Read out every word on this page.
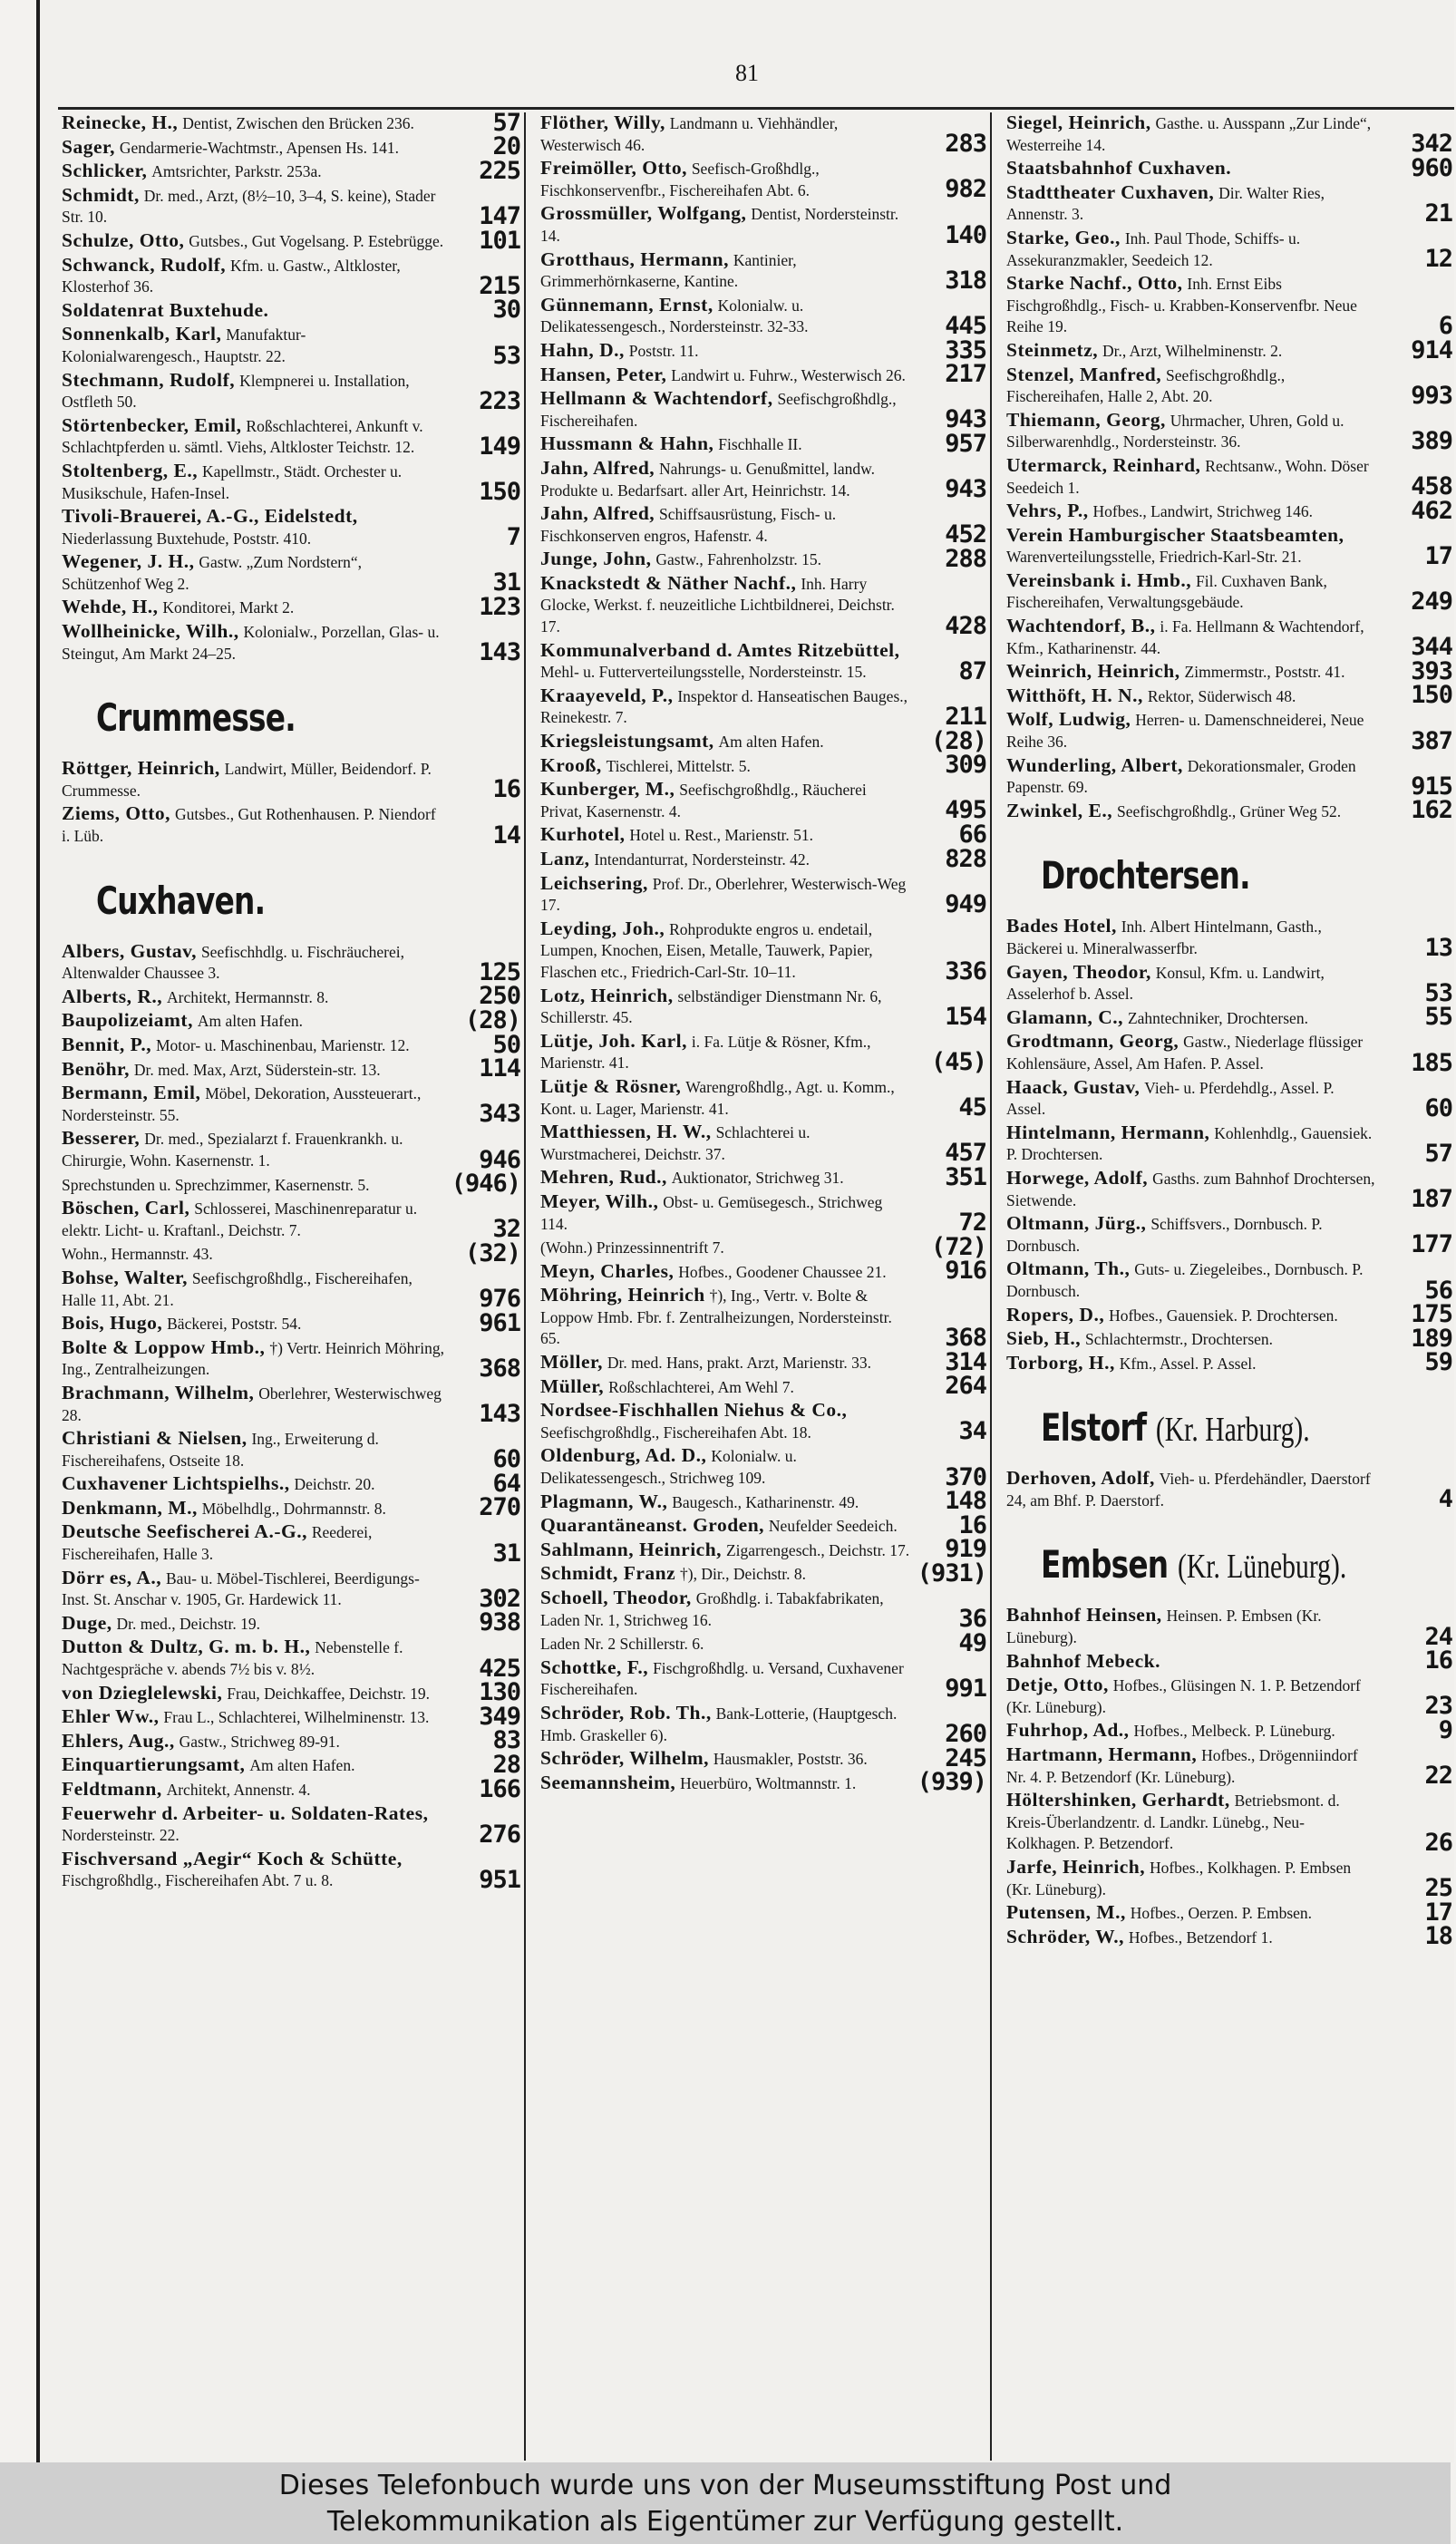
81
Reinecke, H., Dentist, Zwischen den Brücken 236.	57
Sager, Gendarmerie-Wachtmstr., Apensen Hs. 141.	20
Schlicker, Amtsrichter, Parkstr. 253a.	225
Schmidt, Dr. med., Arzt, (8½–10, 3–4, S. keine), Stader Str. 10.	147
Schulze, Otto, Gutsbes., Gut Vogelsang. P. Estebrügge.	101
Schwanck, Rudolf, Kfm. u. Gastw., Altkloster, Klosterhof 36.	215
Soldatenrat Buxtehude.	30
Sonnenkalb, Karl, Manufaktur- Kolonialwarengesch., Hauptstr. 22.	53
Stechmann, Rudolf, Klempnerei u. Installation, Ostfleth 50.	223
Störtenbecker, Emil, Roßschlachterei, Ankunft v. Schlachtpferden u. sämtl. Viehs, Altkloster Teichstr. 12.	149
Stoltenberg, E., Kapellmstr., Städt. Orchester u. Musikschule, Hafen-Insel.	150
Tivoli-Brauerei, A.-G., Eidelstedt, Niederlassung Buxtehude, Poststr. 410.	7
Wegener, J. H., Gastw. „Zum Nordstern“, Schützenhof Weg 2.	31
Wehde, H., Konditorei, Markt 2.	123
Wollheinicke, Wilh., Kolonialw., Porzellan, Glas- u. Steingut, Am Markt 24–25.	143
Crummesse.
Röttger, Heinrich, Landwirt, Müller, Beidendorf. P. Crummesse.	16
Ziems, Otto, Gutsbes., Gut Rothenhausen. P. Niendorf i. Lüb.	14
Cuxhaven.
Albers, Gustav, Seefischhdlg. u. Fischräucherei, Altenwalder Chaussee 3.	125
Alberts, R., Architekt, Hermannstr. 8.	250
Baupolizeiamt, Am alten Hafen.	(28)
Bennit, P., Motor- u. Maschinenbau, Marienstr. 12.	50
Benöhr, Dr. med. Max, Arzt, Süderstein-str. 13.	114
Bermann, Emil, Möbel, Dekoration, Aussteuerart., Nordersteinstr. 55.	343
Besserer, Dr. med., Spezialarzt f. Frauenkrankh. u. Chirurgie, Wohn. Kasernenstr. 1.	946
Sprechstunden u. Sprechzimmer, Kasernenstr. 5.	(946)
Böschen, Carl, Schlosserei, Maschinenreparatur u. elektr. Licht- u. Kraftanl., Deichstr. 7.	32
Wohn., Hermannstr. 43.	(32)
Bohse, Walter, Seefischgroßhdlg., Fischereihafen, Halle 11, Abt. 21.	976
Bois, Hugo, Bäckerei, Poststr. 54.	961
Bolte & Loppow Hmb., †) Vertr. Heinrich Möhring, Ing., Zentralheizungen.	368
Brachmann, Wilhelm, Oberlehrer, Westerwischweg 28.	143
Christiani & Nielsen, Ing., Erweiterung d. Fischereihafens, Ostseite 18.	60
Cuxhavener Lichtspielhs., Deichstr. 20.	64
Denkmann, M., Möbelhdlg., Dohrmannstr. 8.	270
Deutsche Seefischerei A.-G., Reederei, Fischereihafen, Halle 3.	31
Dörr es, A., Bau- u. Möbel-Tischlerei, Beerdigungs-Inst. St. Anschar v. 1905, Gr. Hardewick 11.	302
Duge, Dr. med., Deichstr. 19.	938
Dutton & Dultz, G. m. b. H., Nebenstelle f. Nachtgespräche v. abends 7½ bis v. 8½.	425
von Dzieglelewski, Frau, Deichkaffee, Deichstr. 19.	130
Ehler Ww., Frau L., Schlachterei, Wilhelminenstr. 13.	349
Ehlers, Aug., Gastw., Strichweg 89-91.	83
Einquartierungsamt, Am alten Hafen.	28
Feldtmann, Architekt, Annenstr. 4.	166
Feuerwehr d. Arbeiter- u. Soldaten-Rates, Nordersteinstr. 22.	276
Fischversand „Aegir“ Koch & Schütte, Fischgroßhdlg., Fischereihafen Abt. 7 u. 8.	951
Flöther, Willy, Landmann u. Viehhändler, Westerwisch 46.	283
Freimöller, Otto, Seefisch-Großhdlg., Fischkonservenfbr., Fischereihafen Abt. 6.	982
Grossmüller, Wolfgang, Dentist, Nordersteinstr. 14.	140
Grotthaus, Hermann, Kantinier, Grimmerhörnkaserne, Kantine.	318
Günnemann, Ernst, Kolonialw. u. Delikatessengesch., Nordersteinstr. 32-33.	445
Hahn, D., Poststr. 11.	335
Hansen, Peter, Landwirt u. Fuhrw., Westerwisch 26.	217
Hellmann & Wachtendorf, Seefischgroßhdlg., Fischereihafen.	943
Hussmann & Hahn, Fischhalle II.	957
Jahn, Alfred, Nahrungs- u. Genußmittel, landw. Produkte u. Bedarfsart. aller Art, Heinrichstr. 14.	943
Jahn, Alfred, Schiffsausrüstung, Fisch- u. Fischkonserven engros, Hafenstr. 4.	452
Junge, John, Gastw., Fahrenholzstr. 15.	288
Knackstedt & Näther Nachf., Inh. Harry Glocke, Werkst. f. neuzeitliche Lichtbildnerei, Deichstr. 17.	428
Kommunalverband d. Amtes Ritzebüttel, Mehl- u. Futterverteilungsstelle, Nordersteinstr. 15.	87
Kraayeveld, P., Inspektor d. Hanseatischen Bauges., Reinekestr. 7.	211
Kriegsleistungsamt, Am alten Hafen.	(28)
Krooß, Tischlerei, Mittelstr. 5.	309
Kunberger, M., Seefischgroßhdlg., Räucherei Privat, Kasernenstr. 4.	495
Kurhotel, Hotel u. Rest., Marienstr. 51.	66
Lanz, Intendanturrat, Nordersteinstr. 42.	828
Leichsering, Prof. Dr., Oberlehrer, Westerwisch-Weg 17.	949
Leyding, Joh., Rohprodukte engros u. endetail, Lumpen, Knochen, Eisen, Metalle, Tauwerk, Papier, Flaschen etc., Friedrich-Carl-Str. 10–11.	336
Lotz, Heinrich, selbständiger Dienstmann Nr. 6, Schillerstr. 45.	154
Lütje, Joh. Karl, i. Fa. Lütje & Rösner, Kfm., Marienstr. 41.	(45)
Lütje & Rösner, Warengroßhdlg., Agt. u. Komm., Kont. u. Lager, Marienstr. 41.	45
Matthiessen, H. W., Schlachterei u. Wurstmacherei, Deichstr. 37.	457
Mehren, Rud., Auktionator, Strichweg 31.	351
Meyer, Wilh., Obst- u. Gemüsegesch., Strichweg 114.	72
(Wohn.) Prinzessinnentrift 7.	(72)
Meyn, Charles, Hofbes., Goodener Chaussee 21.	916
Möhring, Heinrich †), Ing., Vertr. v. Bolte & Loppow Hmb. Fbr. f. Zentralheizungen, Nordersteinstr. 65.	368
Möller, Dr. med. Hans, prakt. Arzt, Marienstr. 33.	314
Müller, Roßschlachterei, Am Wehl 7.	264
Nordsee-Fischhallen Niehus & Co., Seefischgroßhdlg., Fischereihafen Abt. 18.	34
Oldenburg, Ad. D., Kolonialw. u. Delikatessengesch., Strichweg 109.	370
Plagmann, W., Baugesch., Katharinenstr. 49.	148
Quarantäneanst. Groden, Neufelder Seedeich.	16
Sahlmann, Heinrich, Zigarrengesch., Deichstr. 17.	919
Schmidt, Franz †), Dir., Deichstr. 8.	(931)
Schoell, Theodor, Großhdlg. i. Tabakfabrikaten, Laden Nr. 1, Strichweg 16.	36
Laden Nr. 2 Schillerstr. 6.	49
Schottke, F., Fischgroßhdlg. u. Versand, Cuxhavener Fischereihafen.	991
Schröder, Rob. Th., Bank-Lotterie, (Hauptgesch. Hmb. Graskeller 6).	260
Schröder, Wilhelm, Hausmakler, Poststr. 36.	245
Seemannsheim, Heuerbüro, Woltmannstr. 1.	(939)
Siegel, Heinrich, Gasthe. u. Ausspann „Zur Linde“, Westerreihe 14.	342
Staatsbahnhof Cuxhaven.	960
Stadttheater Cuxhaven, Dir. Walter Ries, Annenstr. 3.	21
Starke, Geo., Inh. Paul Thode, Schiffs- u. Assekuranzmakler, Seedeich 12.	12
Starke Nachf., Otto, Inh. Ernst Eibs Fischgroßhdlg., Fisch- u. Krabben-Konservenfbr. Neue Reihe 19.	6
Steinmetz, Dr., Arzt, Wilhelminenstr. 2.	914
Stenzel, Manfred, Seefischgroßhdlg., Fischereihafen, Halle 2, Abt. 20.	993
Thiemann, Georg, Uhrmacher, Uhren, Gold u. Silberwarenhdlg., Nordersteinstr. 36.	389
Utermarck, Reinhard, Rechtsanw., Wohn. Döser Seedeich 1.	458
Vehrs, P., Hofbes., Landwirt, Strichweg 146.	462
Verein Hamburgischer Staatsbeamten, Warenverteilungsstelle, Friedrich-Karl-Str. 21.	17
Vereinsbank i. Hmb., Fil. Cuxhaven Bank, Fischereihafen, Verwaltungsgebäude.	249
Wachtendorf, B., i. Fa. Hellmann & Wachtendorf, Kfm., Katharinenstr. 44.	344
Weinrich, Heinrich, Zimmermstr., Poststr. 41.	393
Witthöft, H. N., Rektor, Süderwisch 48.	150
Wolf, Ludwig, Herren- u. Damenschneiderei, Neue Reihe 36.	387
Wunderling, Albert, Dekorationsmaler, Groden Papenstr. 69.	915
Zwinkel, E., Seefischgroßhdlg., Grüner Weg 52.	162
Drochtersen.
Bades Hotel, Inh. Albert Hintelmann, Gasth., Bäckerei u. Mineralwasserfbr.	13
Gayen, Theodor, Konsul, Kfm. u. Landwirt, Asselerhof b. Assel.	53
Glamann, C., Zahntechniker, Drochtersen.	55
Grodtmann, Georg, Gastw., Niederlage flüssiger Kohlensäure, Assel, Am Hafen. P. Assel.	185
Haack, Gustav, Vieh- u. Pferdehdlg., Assel. P. Assel.	60
Hintelmann, Hermann, Kohlenhdlg., Gauensiek. P. Drochtersen.	57
Horwege, Adolf, Gasths. zum Bahnhof Drochtersen, Sietwende.	187
Oltmann, Jürg., Schiffsvers., Dornbusch. P. Dornbusch.	177
Oltmann, Th., Guts- u. Ziegeleibes., Dornbusch. P. Dornbusch.	56
Ropers, D., Hofbes., Gauensiek. P. Drochtersen.	175
Sieb, H., Schlachtermstr., Drochtersen.	189
Torborg, H., Kfm., Assel. P. Assel.	59
Elstorf (Kr. Harburg).
Derhoven, Adolf, Vieh- u. Pferdehändler, Daerstorf 24, am Bhf. P. Daerstorf.	4
Embsen (Kr. Lüneburg).
Bahnhof Heinsen, Heinsen. P. Embsen (Kr. Lüneburg).	24
Bahnhof Mebeck.	16
Detje, Otto, Hofbes., Glüsingen N. 1. P. Betzendorf (Kr. Lüneburg).	23
Fuhrhop, Ad., Hofbes., Melbeck. P. Lüneburg.	9
Hartmann, Hermann, Hofbes., Drögenniindorf Nr. 4. P. Betzendorf (Kr. Lüneburg).	22
Höltershinken, Gerhardt, Betriebsmont. d. Kreis-Überlandzentr. d. Landkr. Lünebg., Neu-Kolkhagen. P. Betzendorf.	26
Jarfe, Heinrich, Hofbes., Kolkhagen. P. Embsen (Kr. Lüneburg).	25
Putensen, M., Hofbes., Oerzen. P. Embsen.	17
Schröder, W., Hofbes., Betzendorf 1.	18
Dieses Telefonbuch wurde uns von der Museumsstiftung Post und
Telekommunikation als Eigentümer zur Verfügung gestellt.
